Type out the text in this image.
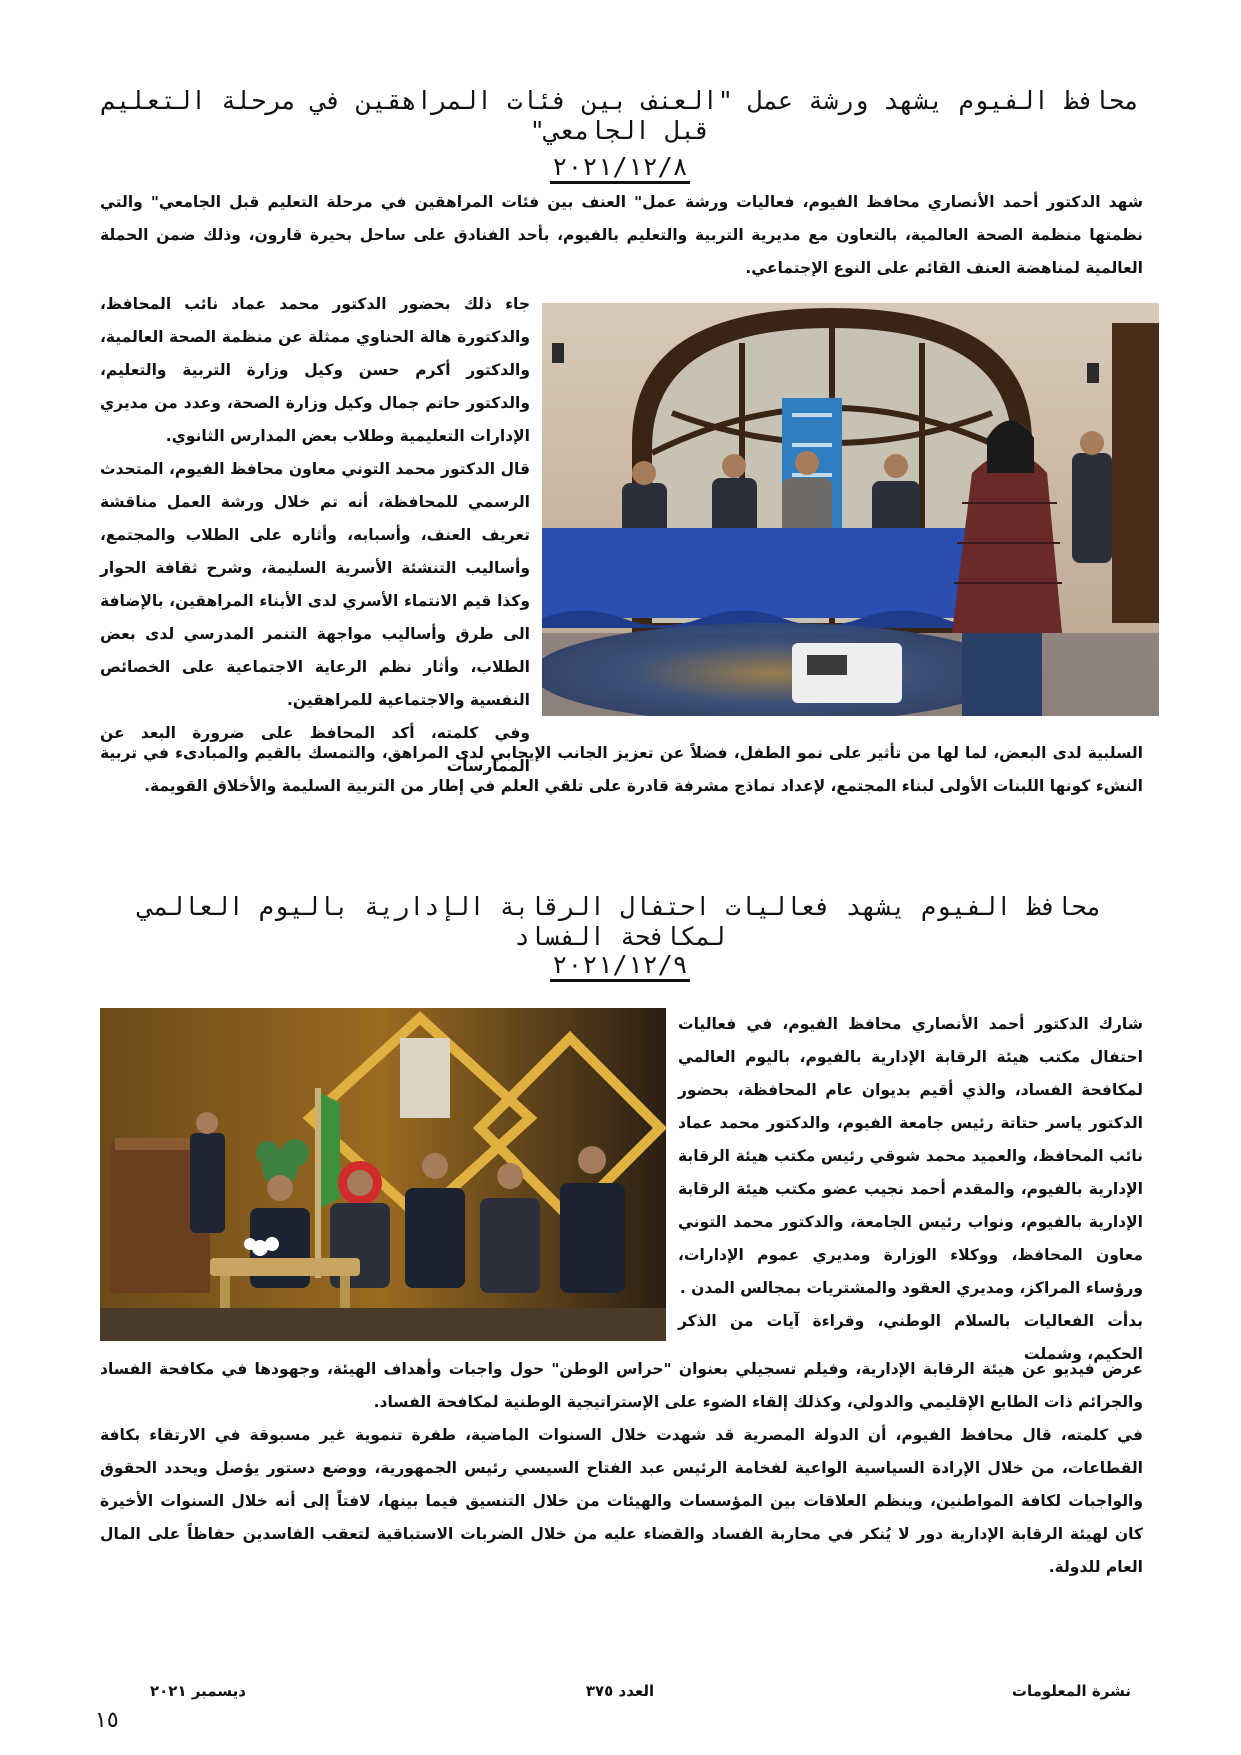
محافظ الفيوم يشهد ورشة عمل "العنف بين فئات المراهقين في مرحلة التعليم قبل الجامعي"
٢٠٢١/١٢/٨

شهد الدكتور أحمد الأنصاري محافظ الفيوم، فعاليات ورشة عمل" العنف بين فئات المراهقين في مرحلة التعليم قبل الجامعي" والتي نظمتها منظمة الصحة العالمية، بالتعاون مع مديرية التربية والتعليم بالفيوم، بأحد الفنادق على ساحل بحيرة قارون، وذلك ضمن الحملة العالمية لمناهضة العنف القائم على النوع الإجتماعي.

جاء ذلك بحضور الدكتور محمد عماد نائب المحافظ، والدكتورة هالة الحناوي ممثلة عن منظمة الصحة العالمية، والدكتور أكرم حسن وكيل وزارة التربية والتعليم، والدكتور حاتم جمال وكيل وزارة الصحة، وعدد من مديري الإدارات التعليمية وطلاب بعض المدارس الثانوي.

قال الدكتور محمد التوني معاون محافظ الفيوم، المتحدث الرسمي للمحافظة، أنه تم خلال ورشة العمل مناقشة تعريف العنف، وأسبابه، وأثاره على الطلاب والمجتمع، وأساليب التنشئة الأسرية السليمة، وشرح ثقافة الحوار وكذا قيم الانتماء الأسري لدى الأبناء المراهقين، بالإضافة الى طرق وأساليب مواجهة التنمر المدرسي لدى بعض الطلاب، وأثار نظم الرعاية الاجتماعية على الخصائص النفسية والاجتماعية للمراهقين.

وفي كلمته، أكد المحافظ على ضرورة البعد عن الممارسات

السلبية لدى البعض، لما لها من تأثير على نمو الطفل، فضلاً عن تعزيز الجانب الإيجابي لدى المراهق، والتمسك بالقيم والمبادىء في تربية النشء كونها اللبنات الأولى لبناء المجتمع، لإعداد نماذج مشرفة قادرة على تلقي العلم في إطار من التربية السليمة والأخلاق القويمة.

محافظ الفيوم يشهد فعاليات احتفال الرقابة الإدارية باليوم العالمي لمكافحة الفساد
٢٠٢١/١٢/٩

شارك الدكتور أحمد الأنصاري محافظ الفيوم، في فعاليات احتفال مكتب هيئة الرقابة الإدارية بالفيوم، باليوم العالمي لمكافحة الفساد، والذي أقيم بديوان عام المحافظة، بحضور الدكتور ياسر حتاتة رئيس جامعة الفيوم، والدكتور محمد عماد نائب المحافظ، والعميد محمد شوقي رئيس مكتب هيئة الرقابة الإدارية بالفيوم، والمقدم أحمد نجيب عضو مكتب هيئة الرقابة الإدارية بالفيوم، ونواب رئيس الجامعة، والدكتور محمد التوني معاون المحافظ، ووكلاء الوزارة ومديري عموم الإدارات، ورؤساء المراكز، ومديري العقود والمشتريات بمجالس المدن .

بدأت الفعاليات بالسلام الوطني، وقراءة آيات من الذكر الحكيم، وشملت

عرض فيديو عن هيئة الرقابة الإدارية، وفيلم تسجيلي بعنوان "حراس الوطن" حول واجبات وأهداف الهيئة، وجهودها في مكافحة الفساد والجرائم ذات الطابع الإقليمي والدولي، وكذلك إلقاء الضوء على الإستراتيجية الوطنية لمكافحة الفساد.

في كلمته، قال محافظ الفيوم، أن الدولة المصرية قد شهدت خلال السنوات الماضية، طفرة تنموية غير مسبوقة في الارتقاء بكافة القطاعات، من خلال الإرادة السياسية الواعية لفخامة الرئيس عبد الفتاح السيسي رئيس الجمهورية، ووضع دستور يؤصل ويحدد الحقوق والواجبات لكافة المواطنين، وينظم العلاقات بين المؤسسات والهيئات من خلال التنسيق فيما بينها، لافتاً إلى أنه خلال السنوات الأخيرة كان لهيئة الرقابة الإدارية دور لا يُنكر في محاربة الفساد والقضاء عليه من خلال الضربات الاستباقية لتعقب الفاسدين حفاظاً على المال العام للدولة.

نشرة المعلومات
العدد ٣٧٥
ديسمبر ٢٠٢١
١٥
